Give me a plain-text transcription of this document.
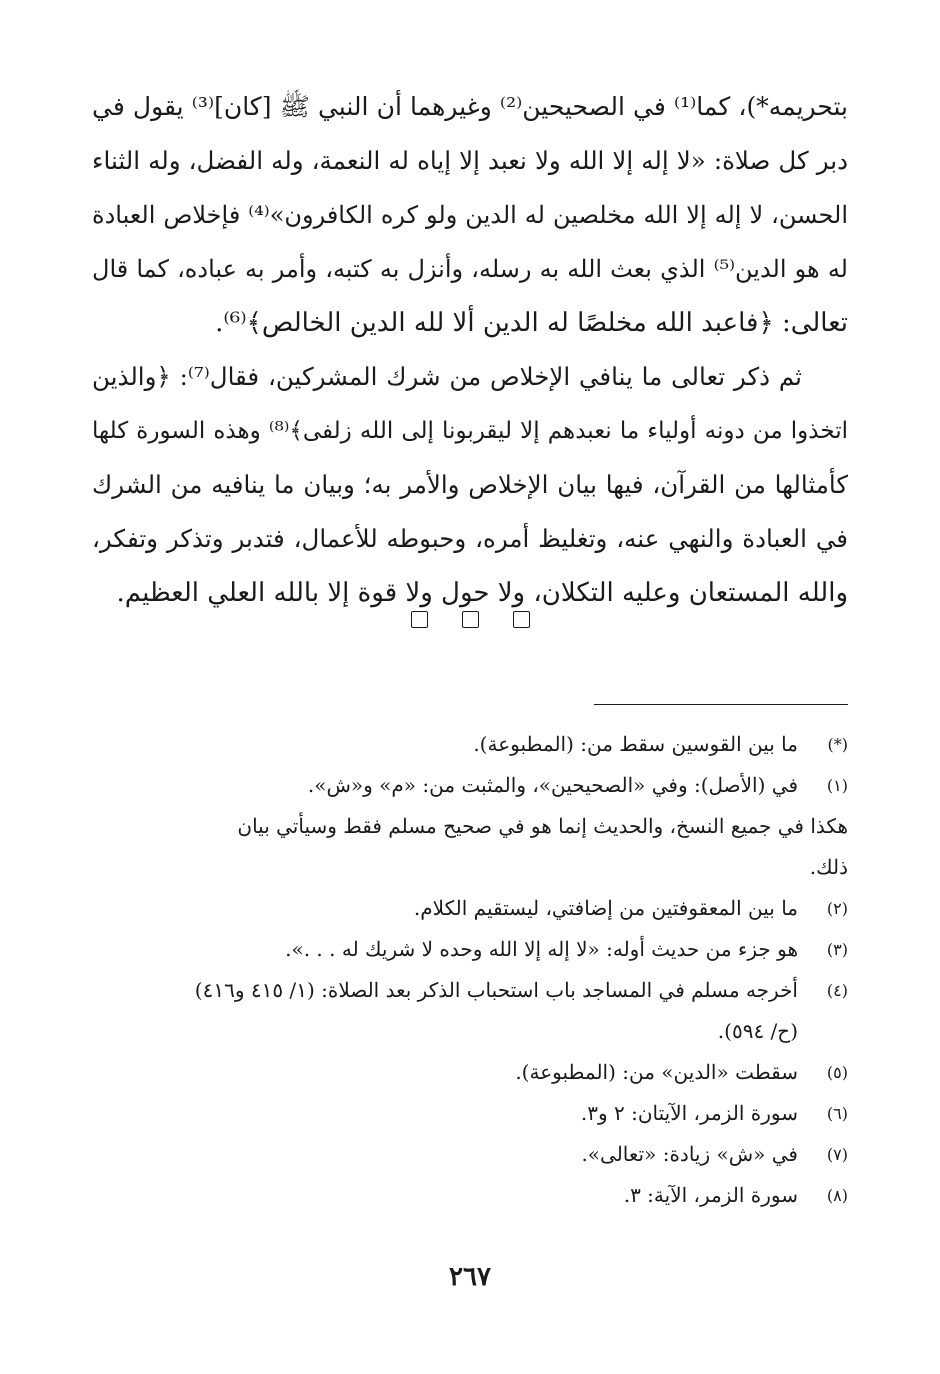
بتحريمه*)، كما⁽¹⁾ في الصحيحين⁽²⁾ وغيرهما أن النبي ﷺ [كان]⁽³⁾ يقول في
دبر كل صلاة: «لا إله إلا الله ولا نعبد إلا إياه له النعمة، وله الفضل، وله الثناء
الحسن، لا إله إلا الله مخلصين له الدين ولو كره الكافرون»⁽⁴⁾ فإخلاص العبادة
له هو الدين⁽⁵⁾ الذي بعث الله به رسله، وأنزل به كتبه، وأمر به عباده، كما قال
تعالى: ﴿فاعبد الله مخلصًا له الدين ألا لله الدين الخالص﴾⁽⁶⁾.
ثم ذكر تعالى ما ينافي الإخلاص من شرك المشركين، فقال⁽⁷⁾: ﴿والذين
اتخذوا من دونه أولياء ما نعبدهم إلا ليقربونا إلى الله زلفى﴾⁽⁸⁾ وهذه السورة كلها
كأمثالها من القرآن، فيها بيان الإخلاص والأمر به؛ وبيان ما ينافيه من الشرك
في العبادة والنهي عنه، وتغليظ أمره، وحبوطه للأعمال، فتدبر وتذكر وتفكر،
والله المستعان وعليه التكلان، ولا حول ولا قوة إلا بالله العلي العظيم.
(*)
ما بين القوسين سقط من: (المطبوعة).
(١)
في (الأصل): وفي «الصحيحين»، والمثبت من: «م» و«ش».
هكذا في جميع النسخ، والحديث إنما هو في صحيح مسلم فقط وسيأتي بيان
ذلك.
(٢)
ما بين المعقوفتين من إضافتي، ليستقيم الكلام.
(٣)
هو جزء من حديث أوله: «لا إله إلا الله وحده لا شريك له . . .».
(٤)
أخرجه مسلم في المساجد باب استحباب الذكر بعد الصلاة: (١/ ٤١٥ و٤١٦)
(ح/ ٥٩٤).
(٥)
سقطت «الدين» من: (المطبوعة).
(٦)
سورة الزمر، الآيتان: ٢ و٣.
(٧)
في «ش» زيادة: «تعالى».
(٨)
سورة الزمر، الآية: ٣.
٢٦٧
